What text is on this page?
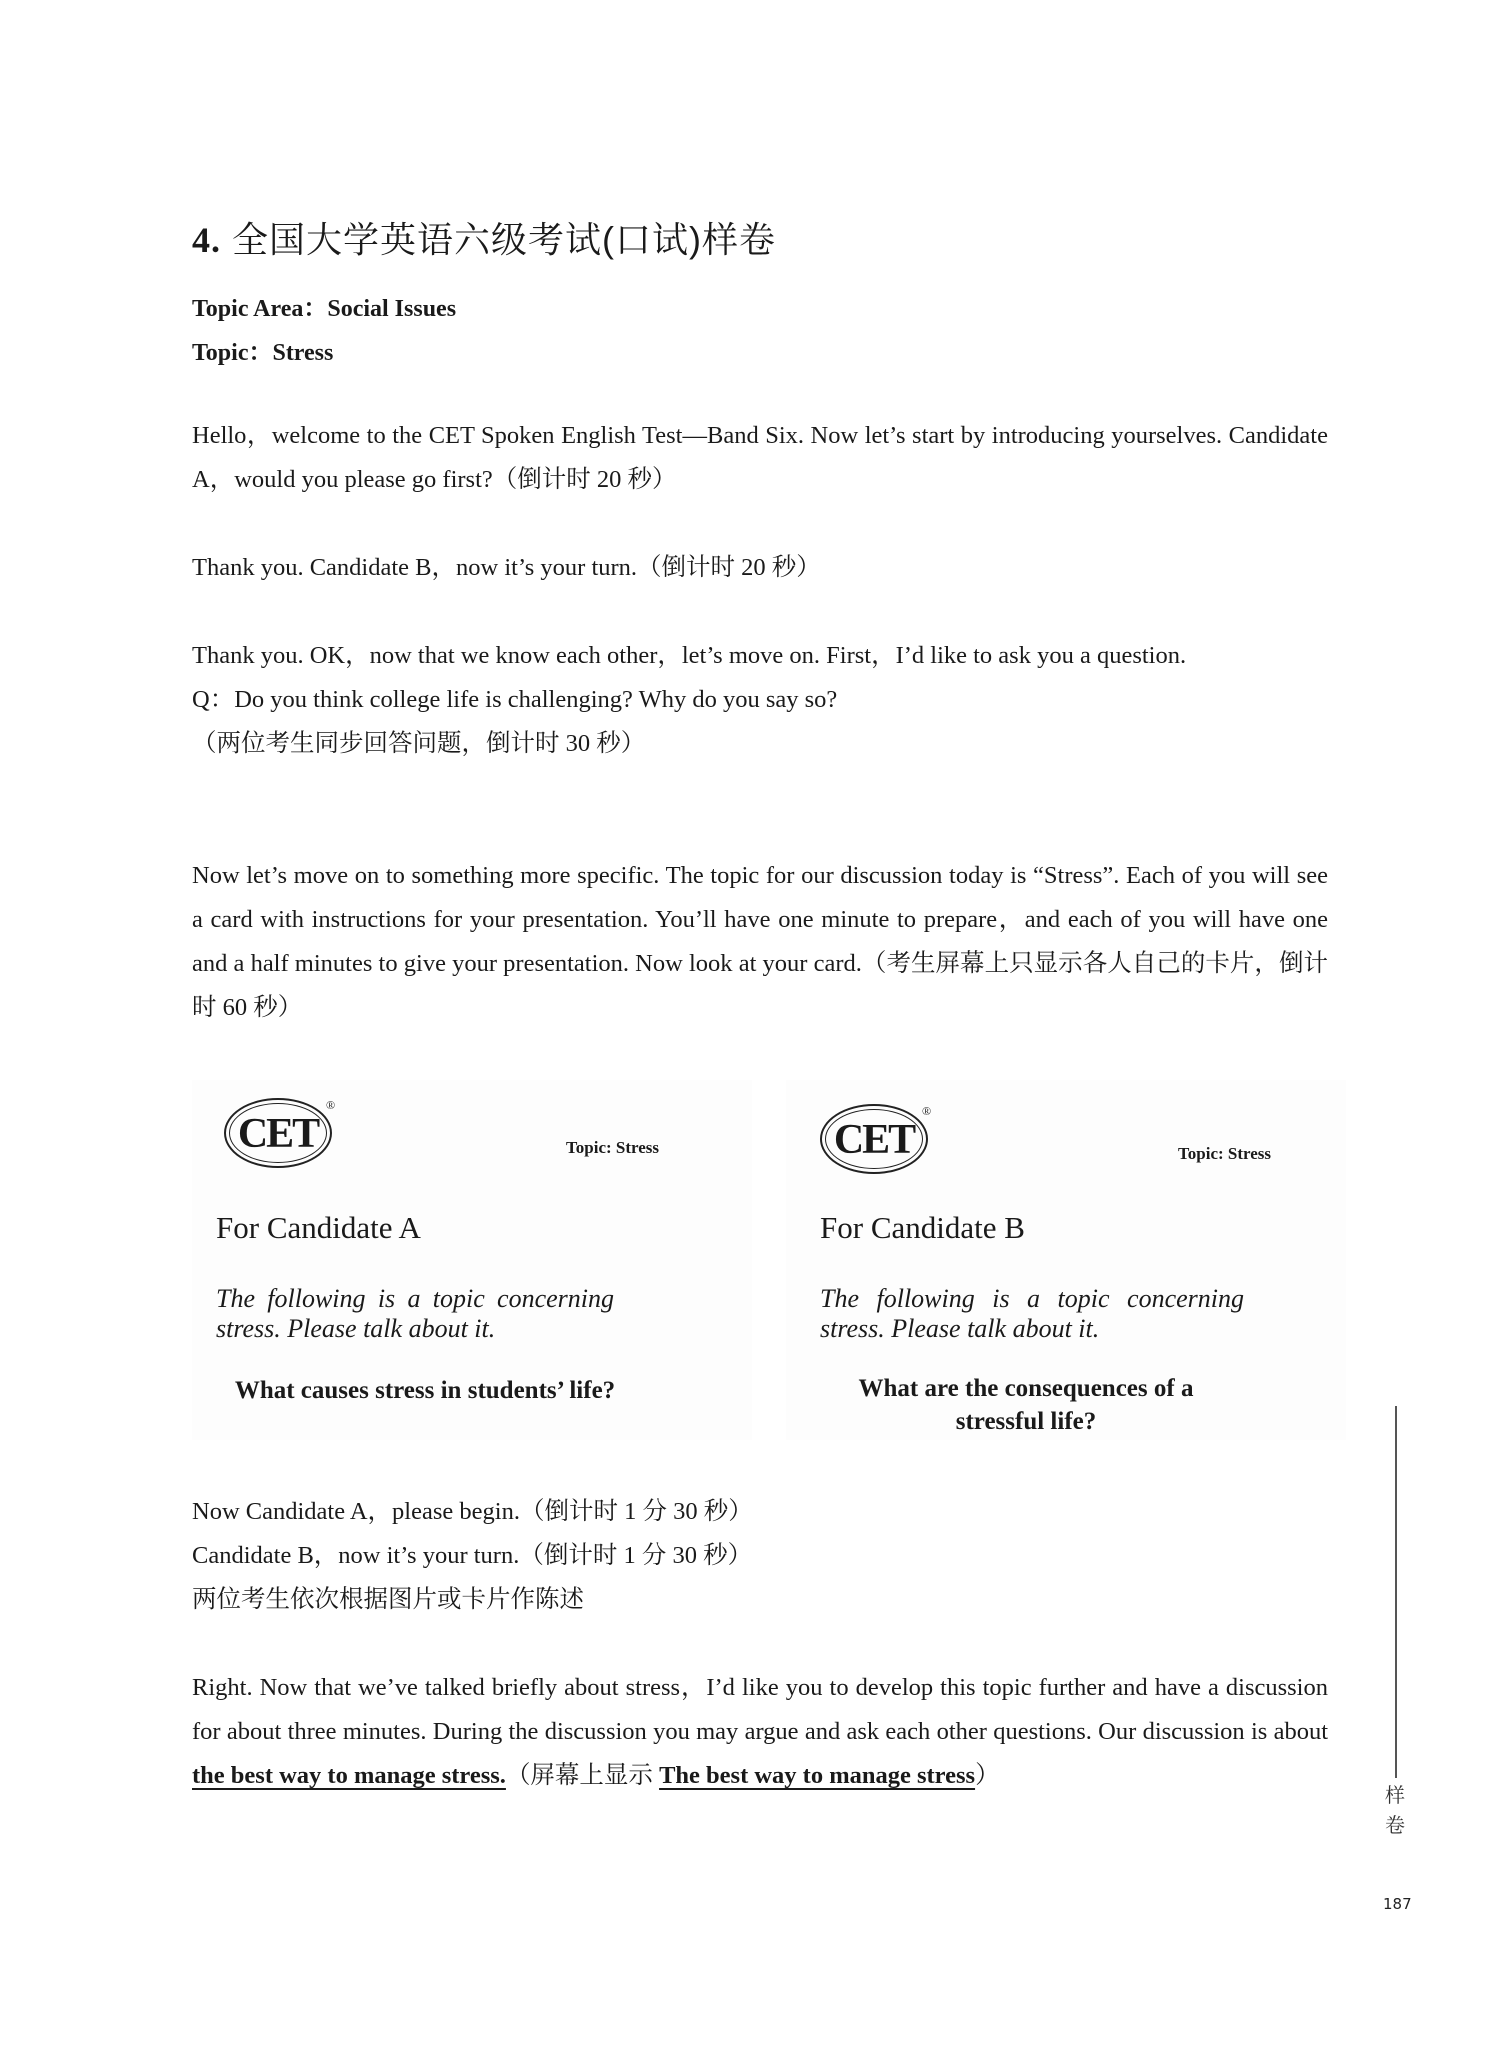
4. 全国大学英语六级考试(口试)样卷
Topic Area：Social Issues
Topic：Stress

Hello，welcome to the CET Spoken English Test—Band Six. Now let’s start by introducing yourselves. Candidate A，would you please go first?（倒计时 20 秒）

Thank you. Candidate B，now it’s your turn.（倒计时 20 秒）

Thank you. OK，now that we know each other，let’s move on. First，I’d like to ask you a question.

Q：Do you think college life is challenging? Why do you say so?

（两位考生同步回答问题，倒计时 30 秒）

Now let’s move on to something more specific. The topic for our discussion today is “Stress”. Each of you will see a card with instructions for your presentation. You’ll have one minute to prepare，and each of you will have one and a half minutes to give your presentation. Now look at your card.（考生屏幕上只显示各人自己的卡片，倒计时 60 秒）

CET
®
Topic: Stress
For Candidate A
The following is a topic concerning stress. Please talk about it.
What causes stress in students’ life?
CET
®
Topic: Stress
For Candidate B
The following is a topic concerning stress. Please talk about it.
What are the consequences of a stressful life?

Now Candidate A，please begin.（倒计时 1 分 30 秒）

Candidate B，now it’s your turn.（倒计时 1 分 30 秒）

两位考生依次根据图片或卡片作陈述

Right. Now that we’ve talked briefly about stress，I’d like you to develop this topic further and have a discussion for about three minutes. During the discussion you may argue and ask each other questions. Our discussion is about the best way to manage stress.（屏幕上显示 The best way to manage stress）

样
卷
187
